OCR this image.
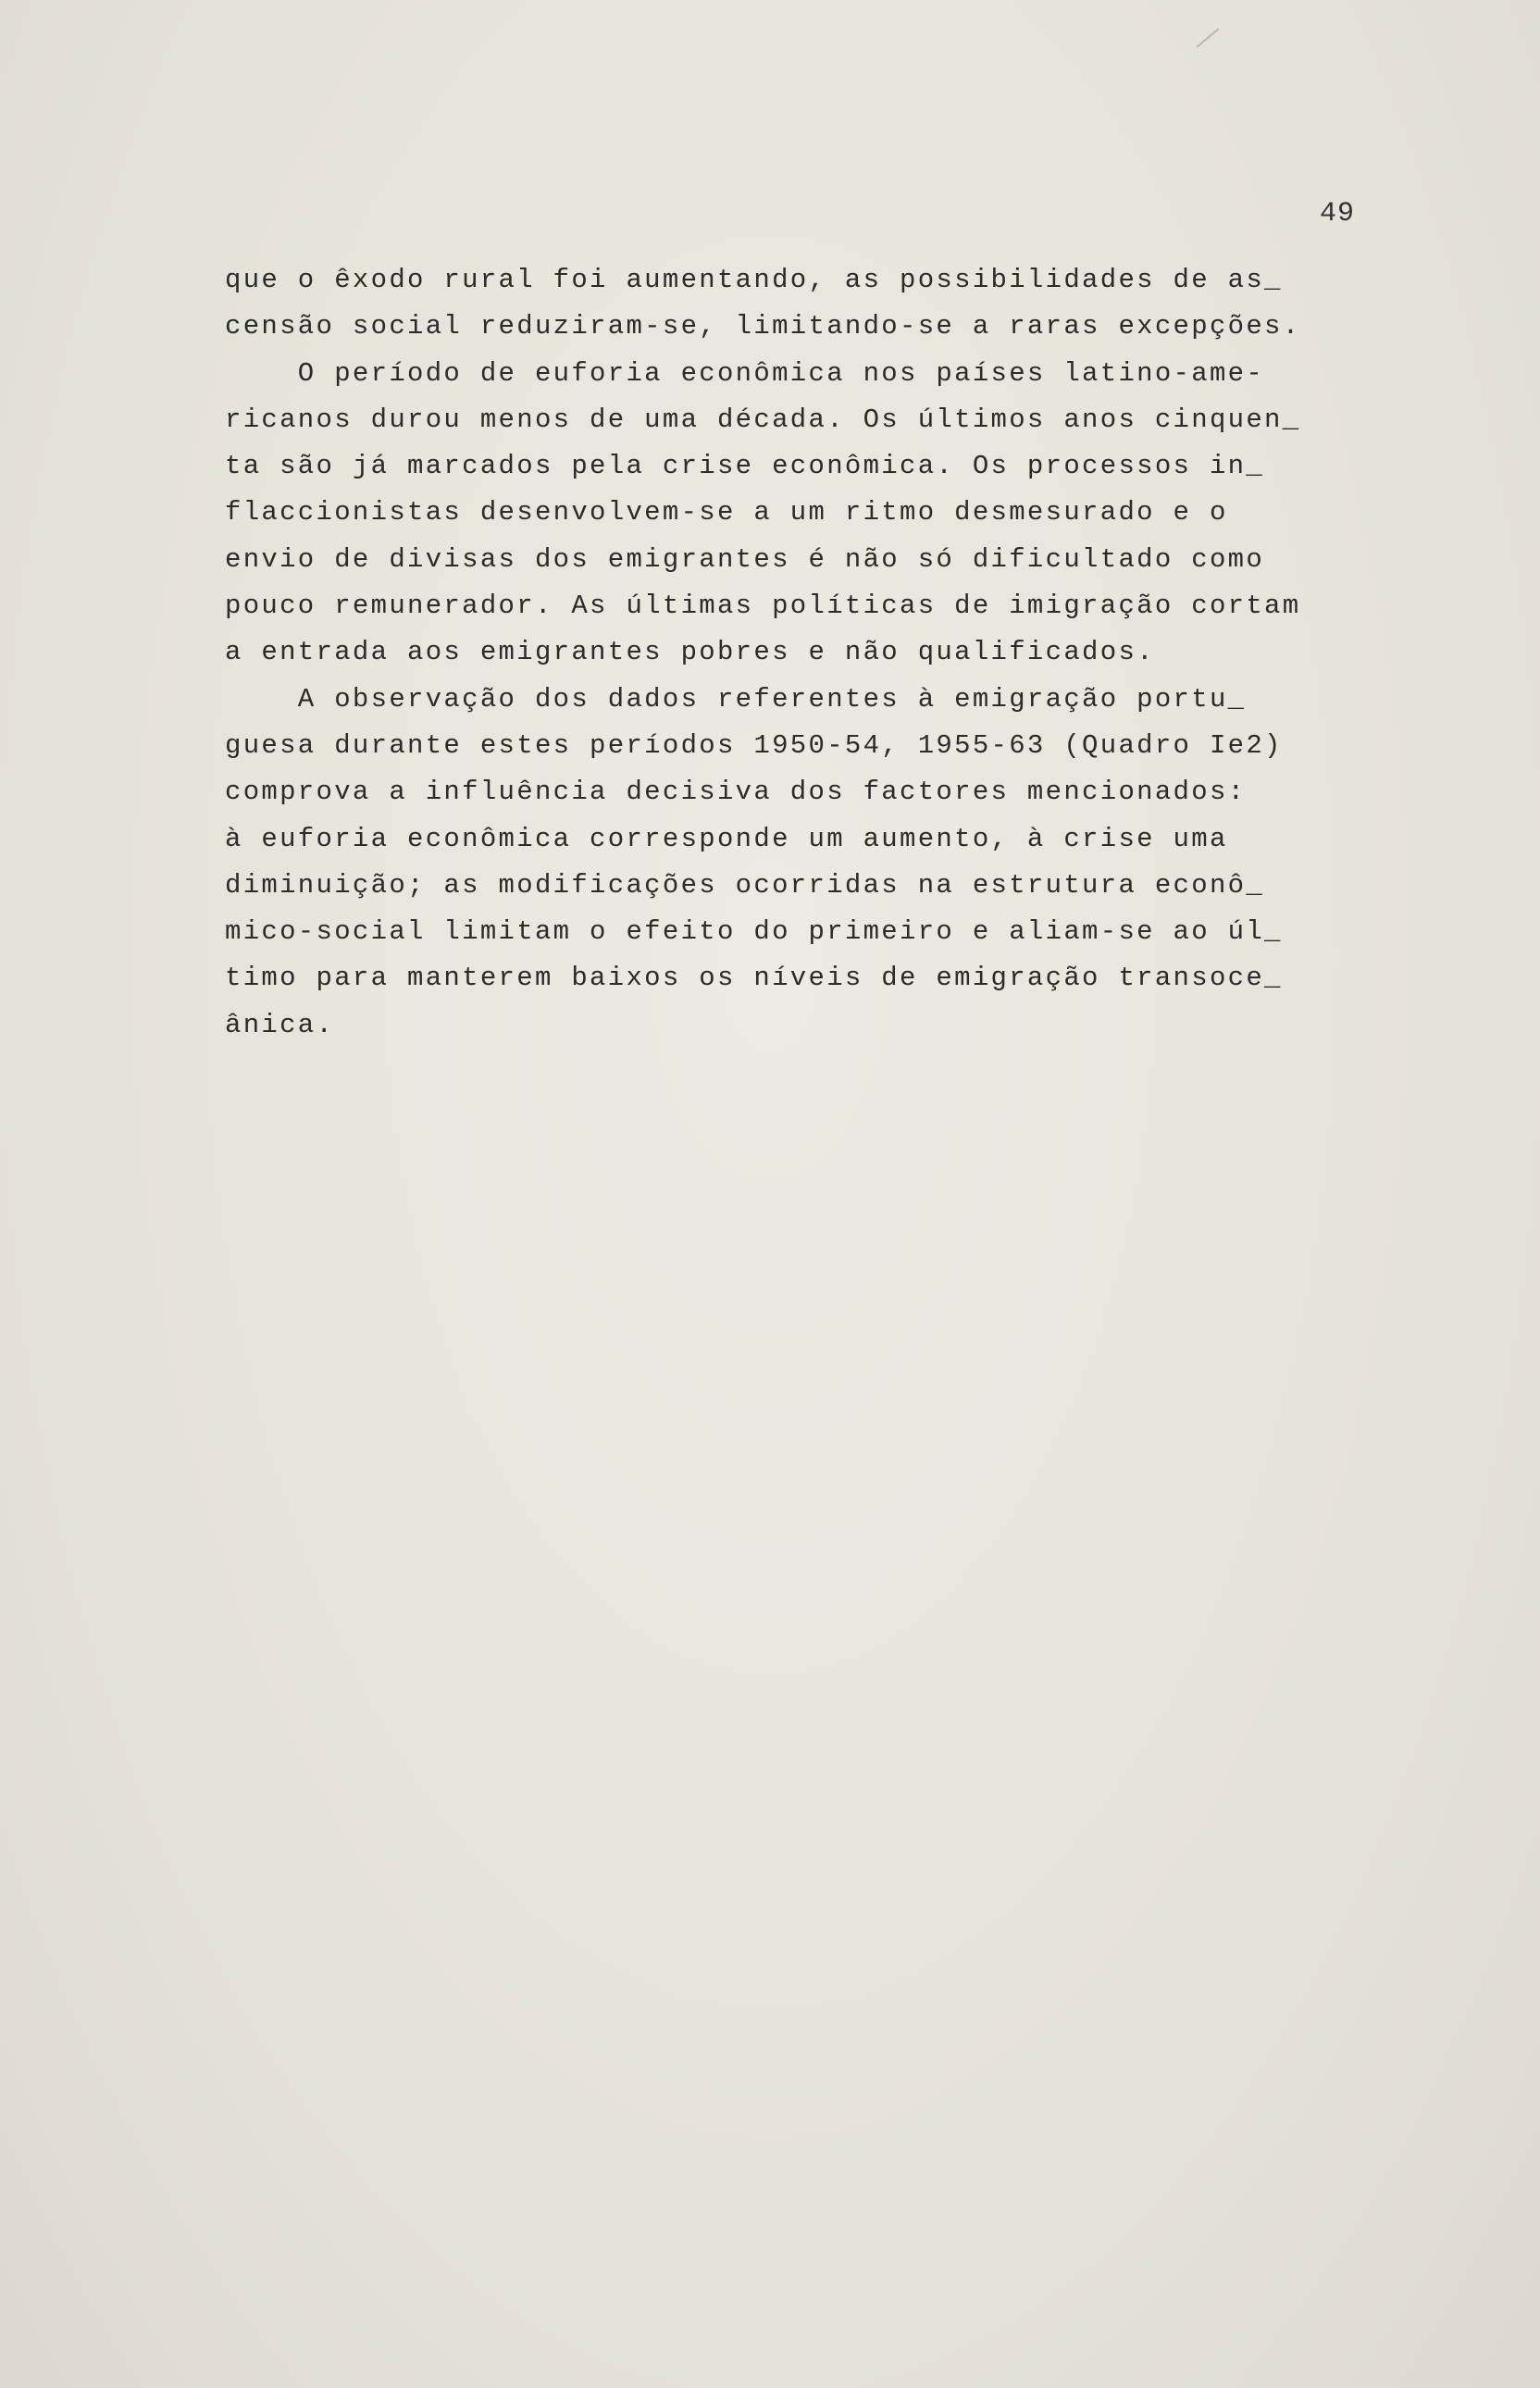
49
que o êxodo rural foi aumentando, as possibilidades de as_
censão social reduziram-se, limitando-se a raras excepções.
O período de euforia econômica nos países latino-ame-
ricanos durou menos de uma década. Os últimos anos cinquen_
ta são já marcados pela crise econômica. Os processos in_
flaccionistas desenvolvem-se a um ritmo desmesurado e o
envio de divisas dos emigrantes é não só dificultado como
pouco remunerador. As últimas políticas de imigração cortam
a entrada aos emigrantes pobres e não qualificados.
A observação dos dados referentes à emigração portu_
guesa durante estes períodos 1950-54, 1955-63 (Quadro Ie2)
comprova a influência decisiva dos factores mencionados:
à euforia econômica corresponde um aumento, à crise uma
diminuição; as modificações ocorridas na estrutura econô_
mico-social limitam o efeito do primeiro e aliam-se ao úl_
timo para manterem baixos os níveis de emigração transoce_
ânica.
